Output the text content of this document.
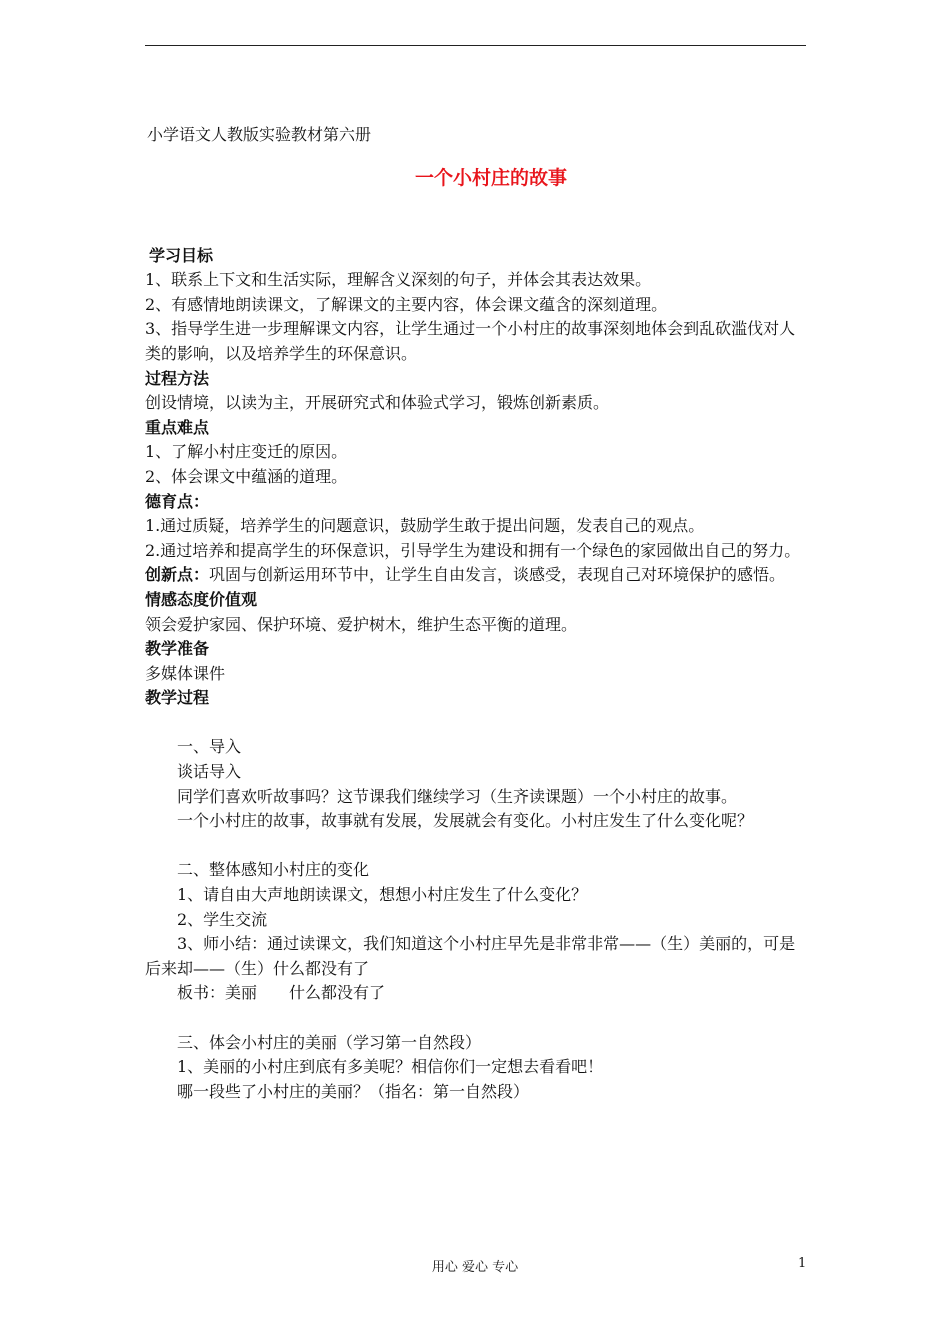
小学语文人教版实验教材第六册
一个小村庄的故事
学习目标

1、联系上下文和生活实际，理解含义深刻的句子，并体会其表达效果。

2、有感情地朗读课文，了解课文的主要内容，体会课文蕴含的深刻道理。

3、指导学生进一步理解课文内容，让学生通过一个小村庄的故事深刻地体会到乱砍滥伐对人类的影响，以及培养学生的环保意识。

过程方法

创设情境，以读为主，开展研究式和体验式学习，锻炼创新素质。

重点难点

1、了解小村庄变迁的原因。

2、体会课文中蕴涵的道理。

德育点：

1.通过质疑，培养学生的问题意识，鼓励学生敢于提出问题，发表自己的观点。

2.通过培养和提高学生的环保意识，引导学生为建设和拥有一个绿色的家园做出自己的努力。

创新点：巩固与创新运用环节中，让学生自由发言，谈感受，表现自己对环境保护的感悟。

情感态度价值观

领会爱护家园、保护环境、爱护树木，维护生态平衡的道理。

教学准备

多媒体课件

教学过程

一、导入

谈话导入

同学们喜欢听故事吗？这节课我们继续学习（生齐读课题）一个小村庄的故事。

一个小村庄的故事，故事就有发展，发展就会有变化。小村庄发生了什么变化呢？

二、整体感知小村庄的变化

1、请自由大声地朗读课文，想想小村庄发生了什么变化？

2、学生交流

3、师小结：通过读课文，我们知道这个小村庄早先是非常非常——（生）美丽的，可是后来却——（生）什么都没有了

板书：美丽　　什么都没有了

三、体会小村庄的美丽（学习第一自然段）

1、美丽的小村庄到底有多美呢？相信你们一定想去看看吧！

哪一段些了小村庄的美丽？（指名：第一自然段）

用心 爱心 专心	1
